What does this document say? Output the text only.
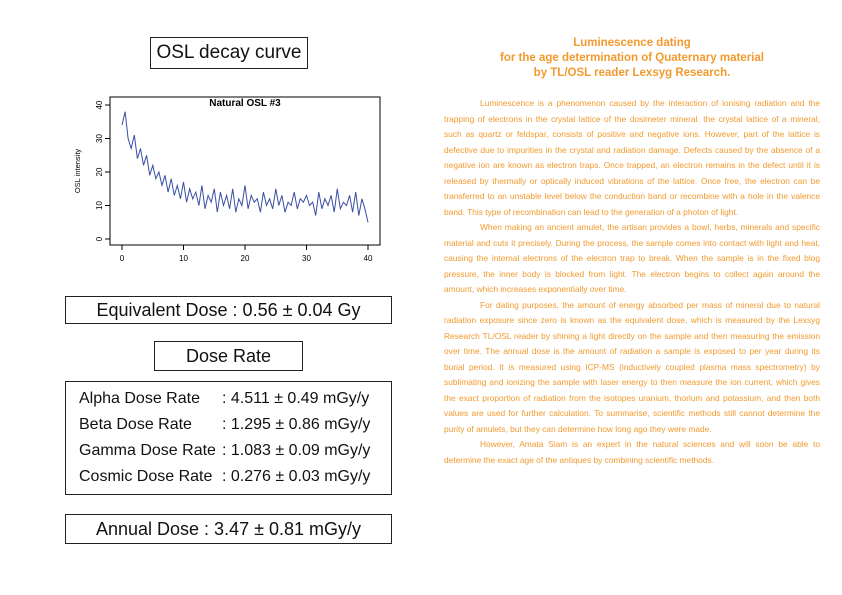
OSL decay curve
Natural OSL #3
0	10	20	30	40
0
10
20
30
40
OSL intensity
Equivalent Dose : 0.56 ± 0.04 Gy
Dose Rate
Alpha Dose Rate : 4.511 ± 0.49 mGy/y
Beta Dose Rate : 1.295 ± 0.86 mGy/y
Gamma Dose Rate : 1.083 ± 0.09 mGy/y
Cosmic Dose Rate : 0.276 ± 0.03 mGy/y
Annual Dose : 3.47 ± 0.81 mGy/y
Luminescence dating
for the age determination of Quaternary material
by TL/OSL reader Lexsyg Research.

Luminescence is a phenomenon caused by the interaction of ionising radiation and the trapping of electrons in the crystal lattice of the dosimeter mineral. the crystal lattice of a mineral, such as quartz or feldspar, consists of positive and negative ions. However, part of the lattice is defective due to impurities in the crystal and radiation damage. Defects caused by the absence of a negative ion are known as electron traps. Once trapped, an electron remains in the defect until it is released by thermally or optically induced vibrations of the lattice. Once free, the electron can be transferred to an unstable level below the conduction band or recombine with a hole in the valence band. This type of recombination can lead to the generation of a photon of light.

When making an ancient amulet, the artisan provides a bowl, herbs, minerals and specific material and cuts it precisely. During the process, the sample comes into contact with light and heat, causing the internal electrons of the electron trap to break. When the sample is in the fixed blog pressure, the inner body is blocked from light. The electron begins to collect again around the amount, which increases exponentially over time.

For dating purposes, the amount of energy absorbed per mass of mineral due to natural radiation exposure since zero is known as the equivalent dose, which is measured by the Lexsyg Research TL/OSL reader by shining a light directly on the sample and then measuring the emission over time. The annual dose is the amount of radiation a sample is exposed to per year during its burial period. It is measured using ICP-MS (inductively coupled plasma mass spectrometry) by sublimating and ionizing the sample with laser energy to then measure the ion current, which gives the exact proportion of radiation from the isotopes uranium, thorium and potassium, and then both values are used for further calculation. To summarise, scientific methods still cannot determine the purity of amulets, but they can determine how long ago they were made.

However, Amata Siam is an expert in the natural sciences and will soon be able to determine the exact age of the antiques by combining scientific methods.
